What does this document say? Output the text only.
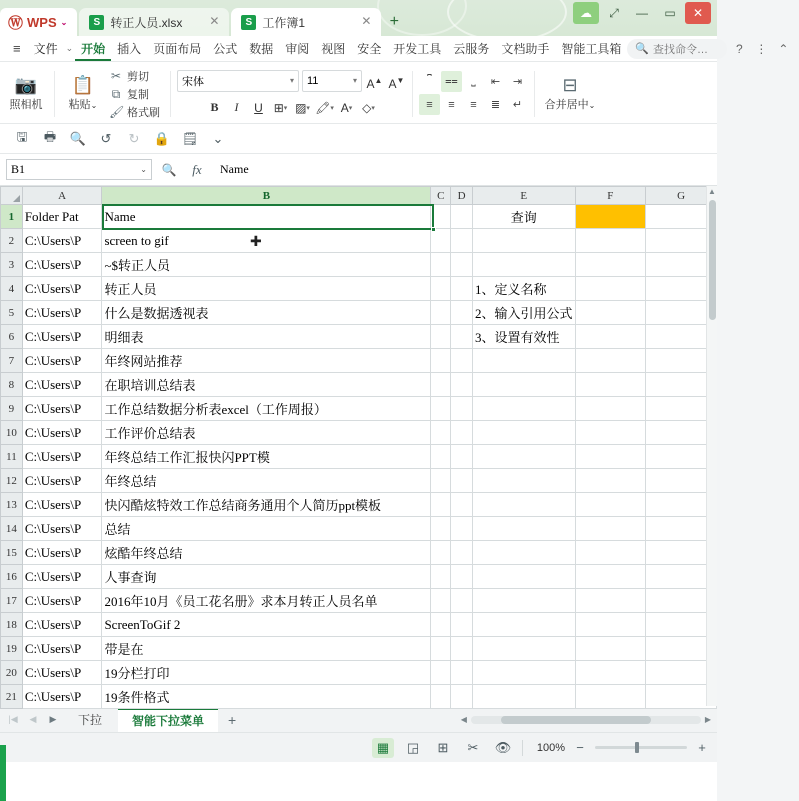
Ⓦ WPS ⌄	S 转正人员.xlsx	✕	S 工作簿1	✕	+	☁	⤢	—	▭	✕
≡	文件 ⌄ 开始	插入	页面布局	公式	数据	审阅	视图	安全	开发工具	云服务	文档助手	智能工具箱	🔍 查找命令…	?	⋮ ⌃
📷
照相机
📋
粘贴⌄
✂ 剪切
⧉ 复制
🖌 格式刷
宋体	▾ 11	▾ A▲ A▼
B	I	U ⊞ ▾ ▨ ▾ 🖍 ▾ A ▾ ◇ ▾
⎴	⩵	⎵	⇤	⇥
≡	≡	≡	≣	↵
⊟
合并居中⌄
🖫	🖶	🔍	↺	↻	🔒 🗒	⌄
B1	⌄ 🔍	fx	Name
	A	B	C	D	E	F	G
1	Folder Pat	Name			查询		
2	C:\Users\P	screen to gif					
3	C:\Users\P	~$转正人员					
4	C:\Users\P	转正人员			1、定义名称		
5	C:\Users\P	什么是数据透视表			2、输入引用公式		
6	C:\Users\P	明细表			3、设置有效性		
7	C:\Users\P	年终网站推荐					
8	C:\Users\P	在职培训总结表					
9	C:\Users\P	工作总结数据分析表excel（工作周报）					
10	C:\Users\P	工作评价总结表					
11	C:\Users\P	年终总结工作汇报快闪PPT模					
12	C:\Users\P	年终总结					
13	C:\Users\P	快闪酷炫特效工作总结商务通用个人简历ppt模板					
14	C:\Users\P	总结					
15	C:\Users\P	炫酷年终总结					
16	C:\Users\P	人事查询					
17	C:\Users\P	2016年10月《员工花名册》求本月转正人员名单					
18	C:\Users\P	ScreenToGif 2					
19	C:\Users\P	带是在					
20	C:\Users\P	19分栏打印					
21	C:\Users\P	19条件格式					
✚
▲
|◀	◀	▶	下拉	智能下拉菜单	+	◀	▶
▦	◲	⊞	✂	👁	100% −	+
